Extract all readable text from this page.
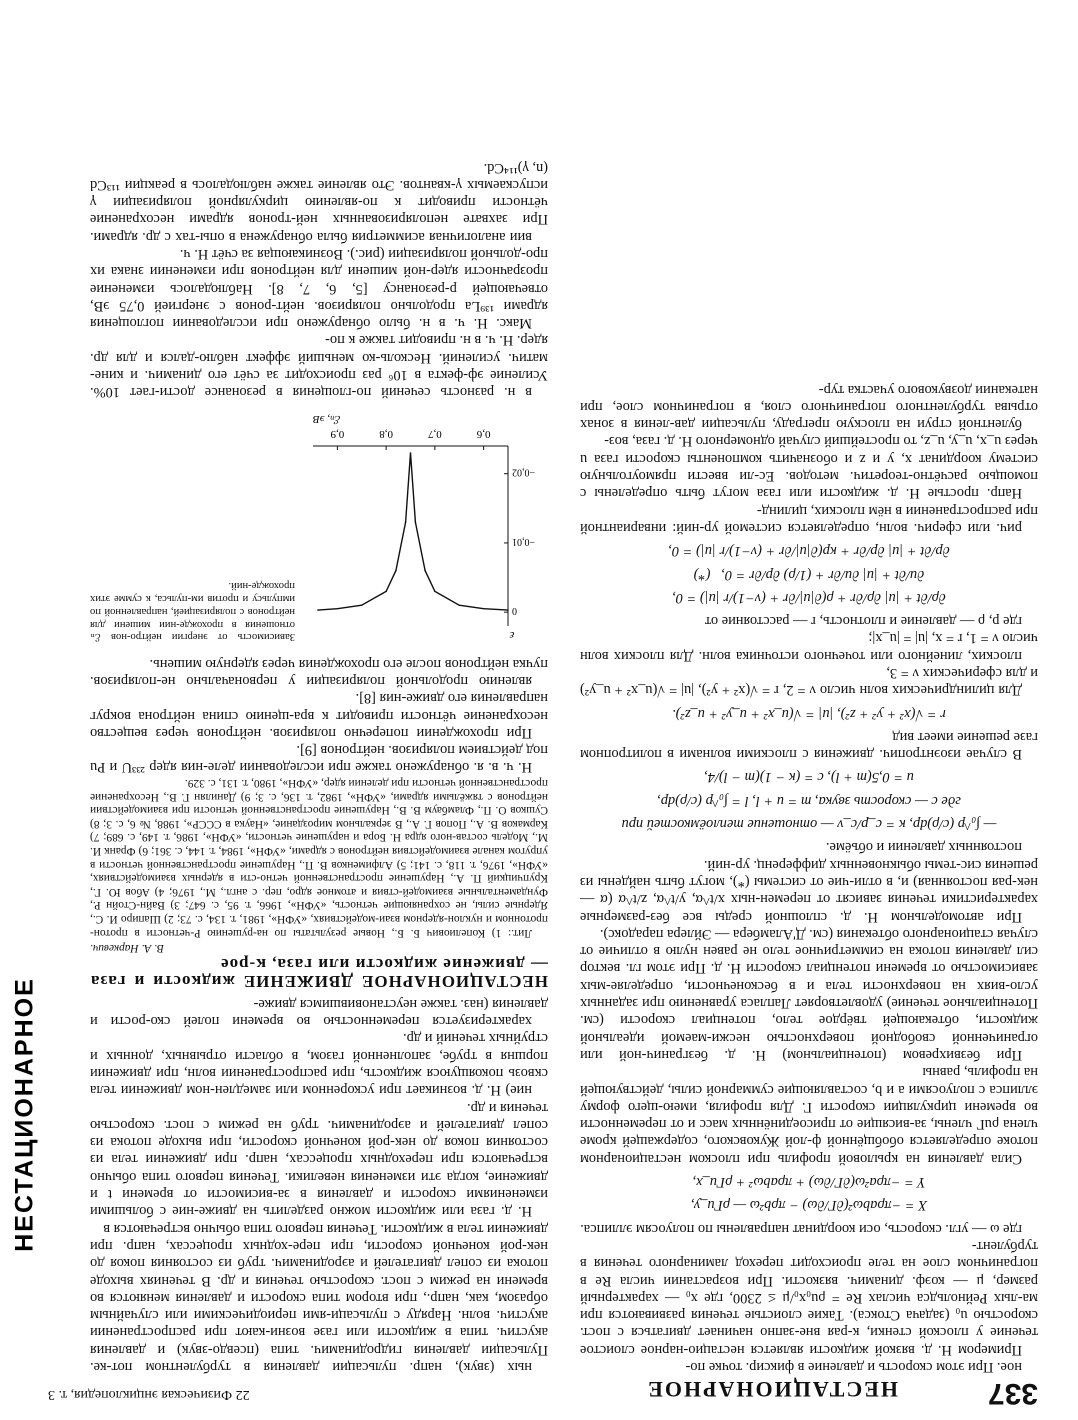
337
НЕСТАЦИОНАРНОЕ
22 Физическая энциклопедия, т. 3

ное. При этом скорость и давление в фиксир. точке по-

Примером Н. д. вязкой жидкости является нестацио-нарное слоистое течение у плоской стенки, к-рая вне-запно начинает двигаться с пост. скоростью u₀ (задача Стокса). Такие слоистые течения развиваются при ма-лых Рейнольдса числах Re = ρu₀x₀/μ ≤ 2300, где x₀ — характерный размер, μ — коэф. динамич. вязкости. При возрастании числа Re в пограничном слое на теле происходит переход ламинарного течения в турбулент-

где ω — угл. скорость, оси координат направлены по полуосям эллипса.

X = −πρabω²(∂Γ/∂ω) − πρb²ω — ρΓu_y,

Y = −πρa²ω(∂Γ/∂ω) + πρabω² + ρΓu_x,

Сила давления на крыловой профиль при плоском нестационарном потоке определяется обобщённой ф-лой Жуковского, содержащей кроме члена ρuΓ члены, за-висящие от присоединённых масс и от переменности во времени циркуляции скорости Γ. Для профиля, имею-щего форму эллипса с полуосями a и b, составляющие суммарной силы, действующей на профиль, равны

При безвихревом (потенциальном) Н. д. безгранич-ной или ограниченной свободной поверхностью несжи-маемой идеальной жидкости, обтекающей твёрдое тело, потенциал скорости (см. Потенциальное течение) удовлетворяет Лапласа уравнению при заданных усло-виях на поверхности тела и в бесконечности, определяе-мых зависимостью от времени потенциал скорости Н. д. При этом гл. вектор сил давления потока на симметричное тело не равен нулю в отличие от случая стационарного обтекания (см. Д'Аламбера — Эйлера парадокс).

При автомодельном Н. д. сплошной среды все без-размерные характеристики течения зависят от перемен-ных x/t^α, y/t^α, z/t^α (α — нек-рая постоянная) и, в отли-чие от системы (*), могут быть найдены из решения сис-темы обыкновенных дифференц. ур-ний.

постоянных давлении и объёме.

— ∫₀^p (c/ρ)dp, κ = c_p/c_v — отношение теплоёмкостей при

где c — скорость звука, m = u + l, l = ∫₀^p (c/ρ)dp,

u = 0,5(m + l), c = (κ − 1)(m − l)/4,

В случае изоэнтропич. движения с плоскими волнами в политропном газе решение имеет вид

r = √(x² + y² + z²), |u| = √(u_x² + u_y² + u_z²).

Для цилиндрических волн число ν = 2, r = √(x² + y²), |u| = √(u_x² + u_y²) и для сферических ν = 3,

плоских, линейного или точечного источника волн. Для плоских волн число ν = 1, r = x, |u| = |u_x|;

где p, ρ — давление и плотность, r — расстояние от

∂ρ/∂t + |u| ∂ρ/∂r + ρ(∂|u|/∂r + (ν−1)/r |u|) = 0,

∂u/∂t + |u| ∂u/∂r + (1/ρ) ∂p/∂r = 0,   (*)

∂p/∂t + |u| ∂p/∂r + κp(∂|u|/∂r + (ν−1)/r |u|) = 0,

рич. или сферич. волн, определяется системой ур-ний: инвариантной при распространении в нём плоских, цилинд-

Напр. простые Н. д. жидкости или газа могут быть определены с помощью расчётно-теоретич. методов. Ес-ли ввести прямоугольную систему координат x, y и z и обозначить компоненты скорости газа u через u_x, u_y, u_z, то простейший случай одномерного Н. д. газа, воз-

булентной струи на плоскую преграду, пульсации дав-ления в зонах отрыва турбулентного пограничного слоя, в пограничном слое, при натекании дозвукового участка тур-

ных (звук), напр. пульсации давления в турбулентном пот-ке. Пульсации давления гидродинамич. типа (псевдо-звук) и давления акустич. типа в жидкости или газе возни-кают при распространении акустич. волн. Наряду с пульсаци-ями периодическими или случайным образом, как, напр., при втором типа скорости и давления меняются во времени на режим с пост. скоростью течения и др. В течениях выходе потока из сопел двигателей и аэродинамич. труб из состояния покоя до нек-рой конечной скорости, при пере-ходных процессах, напр. при движении тела в жидкости. Течения первого типа обычно встречаются в

Н. д. газа или жидкости можно разделить на движе-ние с большими изменениями скорости и давления в за-висимости от времени t и движение, когда эти изменения невелики. Течения первого типа обычно встречаются при переходных процессах, напр. при движении тела из состояния покоя до нек-рой конечной скорости, при выходе потока из сопел двигателей и аэродинамич. труб на режим с пост. скоростью течения и др.

ние) Н. д. возникает при ускоренном или замедлен-ном движении тела сквозь покоящуюся жидкость, при распространении волн, при движении поршня в трубе, заполненной газом, в области отрывных, донных и струйных течений и др.

характеризуется переменностью во времени полей ско-рости и давления (наз. также неустановившимся движе-

НЕСТАЦИОНАРНОЕ ДВИЖЕНИЕ жидкости и газа — движение жидкости или газа, к-рое

В. А. Наркевич.

Лит.: 1) Копелиович Б. Б., Новые результаты по на-рушению P-четности в протон-протонном и нуклон-ядерном взаи-модействиях, «УФН», 1981, т. 134, с. 73; 2) Шапиро И. С., Ядерные силы, не сохраняющие четность, «УФН», 1966, т. 95, с. 647; 3) Вайн-Стойн Р., Фундаментальные взаимодей-ствия и атомное ядро, пер. с англ., М., 1976; 4) Абов Ю. Г., Крупчицкий П. А., Нарушение пространственной четно-сти в ядерных взаимодействиях, «УФН», 1976, т. 118, с. 141; 5) Алфименков В. П., Нарушение пространственной четности в упругом канале взаимодействия нейтронов с ядрами, «УФН», 1984, т. 144, с. 361; 6) Франк И. М., Модель состав-ного ядра Н. Бора и нарушение четности, «УФН», 1986, т. 149, с. 689; 7) Кармаков В. А., Попов Г. А., В зеркальном мироздание, «Наука в СССР», 1988, № 6, с. 3; 8) Сушков О. П., Фламбаум В. В., Нарушение пространственной четности при взаимодействии нейтронов с тяжёлыми ядрами, «УФН», 1982, т. 136, с. 3; 9) Данилян Г. В., Несохранение пространственной четности при делении ядер, «УФН», 1980, т. 131, с. 329.

Н. ч. в. я. обнаружено также при исследовании деле-ния ядер ²³³U и Pu под действием поляризов. нейтронов [9].

При прохождении поперечно поляризов. нейтронов через вещество несохранение чётности приводит к вра-щению спина нейтрона вокруг направления его движе-ния [8].

явлению продольной поляризации у первоначально не-поляризов. пучка нейтронов после его прохождения через ядерную мишень.

ε
ℰₙ, эВ
0,6
0,7
0,8
0,9
0
−0,01
−0,02
Зависимость от энергии нейтро-нов ℰₙ отношения в прохожде-нии мишени для нейтронов с поляризацией, направленной по импульсу и против им-пульса, к сумме этих прохожде-ний.

в н. разность сечений по-глощения в резонансе дости-гает 10%. Усиление эф-фекта в 10⁶ раз происходит за счёт его динамич. и кине-матич. усилений. Несколь-ко меньший эффект наблю-дался и для др. ядер. Н. ч. в н. приводит также к по-

Макс. Н. ч. в н. было обнаружено при исследовании поглощения ядрами ¹³⁹La продольно поляризов. нейт-ронов с энергией 0,75 эВ, отвечающей p-резонансу [5, 6, 7, 8]. Наблюдалось изменение прозрачности ядер-ной мишени для нейтронов при изменении знака их про-дольной поляризации (рис.). Возникающая за счёт Н. ч.

вии аналогичная асимметрия была обнаружена в опы-тах с др. ядрами. При захвате неполяризованных ней-тронов ядрами несохранение чётности приводит к по-явлению циркулярной поляризации γ испускаемых γ-квантов. Это явление также наблюдалось в реакции ¹¹³Cd (n, γ)¹¹⁴Cd.

НЕСТАЦИОНАРНОЕ
